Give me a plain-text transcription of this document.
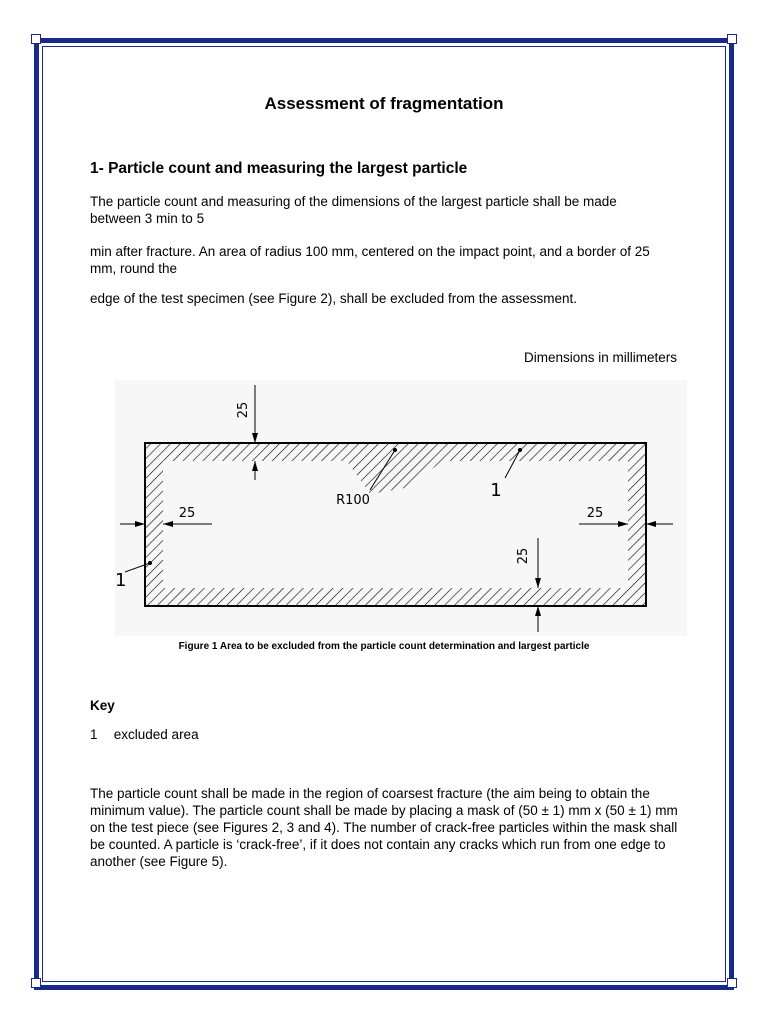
Assessment of fragmentation
1- Particle count and measuring the largest particle
The particle count and measuring of the dimensions of the largest particle shall be made between 3 min to 5
min after fracture. An area of radius 100 mm, centered on the impact point, and a border of 25 mm, round the
edge of the test specimen (see Figure 2), shall be excluded from the assessment.
Dimensions in millimeters
25
25	25
25
R100	1
1
Figure 1 Area to be excluded from the particle count determination and largest particle
Key
1 excluded area
The particle count shall be made in the region of coarsest fracture (the aim being to obtain the minimum value). The particle count shall be made by placing a mask of (50 ± 1) mm x (50 ± 1) mm on the test piece (see Figures 2, 3 and 4). The number of crack-free particles within the mask shall be counted. A particle is ‘crack-free’, if it does not contain any cracks which run from one edge to another (see Figure 5).
